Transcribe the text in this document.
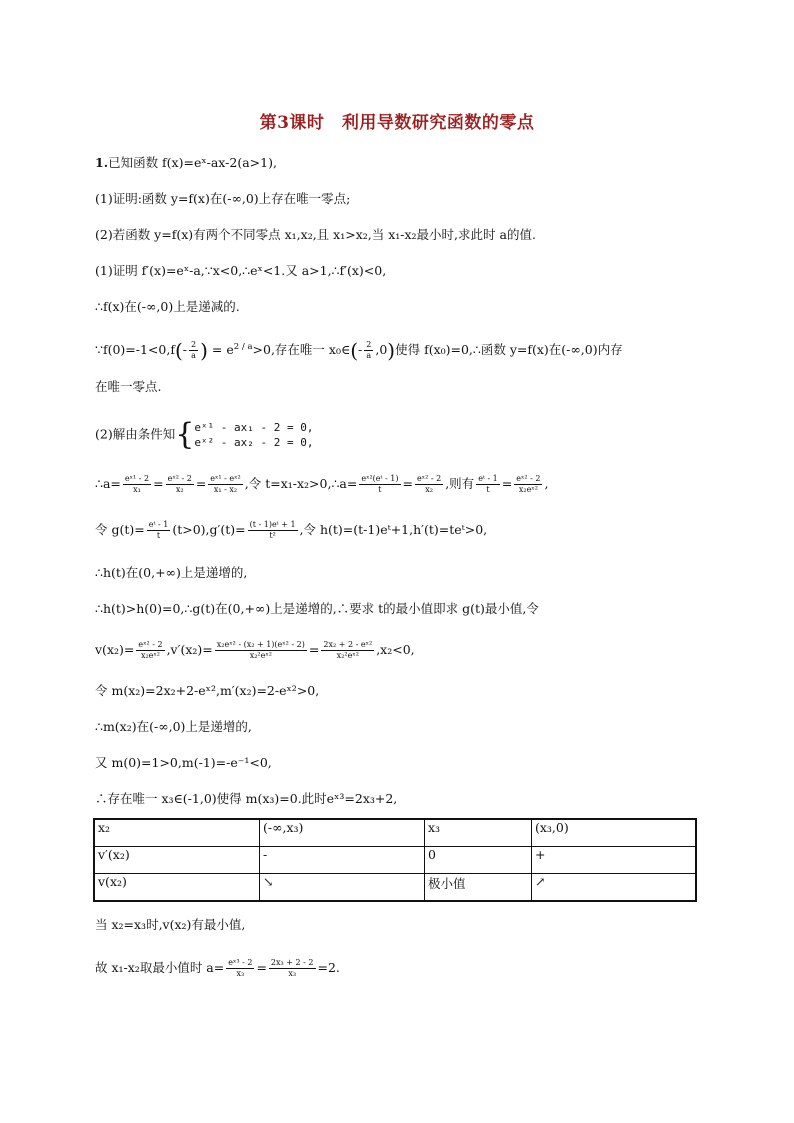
第3课时　利用导数研究函数的零点
1.已知函数 f(x)=eˣ-ax-2(a>1),
(1)证明:函数 y=f(x)在(-∞,0)上存在唯一零点;
(2)若函数 y=f(x)有两个不同零点 x₁,x₂,且 x₁>x₂,当 x₁-x₂最小时,求此时 a的值.
(1)证明 f′(x)=eˣ-a,∵x<0,∴eˣ<1.又 a>1,∴f′(x)<0,
∴f(x)在(-∞,0)上是递减的.
∵f(0)=-1<0,f(- $\frac{2}{a}$ ) = $e^{2 / a}>0$,存在唯一 x₀∈(- $\frac{2}{a} ,0$)使得 f(x₀)=0,∴函数 y=f(x)在(-∞,0)内存
在唯一零点.
(2)解由条件知{ eˣ¹ - ax₁ - 2 = 0,
eˣ² - ax₂ - 2 = 0,
∴a= $\frac{\text{eˣ¹ - 2}}{\text{x₁}} = \frac{\text{eˣ² - 2}}{\text{x₂}} = \frac{\text{eˣ¹ - eˣ²}}{\text{x₁ - x₂}}$ ,令 t=x₁-x₂>0,∴a= $\frac{\text{eˣ²(eᵗ - 1)}}{t} = \frac{\text{eˣ² - 2}}{\text{x₂}}$ ,则有 $\frac{\text{eᵗ - 1}}{t} = \frac{\text{eˣ² - 2}}{\text{x₂eˣ²}}$ ,
令 $g(t)= \frac{\text{eᵗ - 1}}{t} (t>0),g'(t)= \frac{\text{(t - 1)eᵗ + 1}}{\text{t²}}$ ,令 h(t)=(t-1)eᵗ+1,h′(t)=teᵗ>0,
∴h(t)在(0,+∞)上是递增的,
∴h(t)>h(0)=0,∴g(t)在(0,+∞)上是递增的,∴要求 t的最小值即求 g(t)最小值,令
$v(x_2)= \frac{\text{eˣ² - 2}}{\text{x₂eˣ²}} ,v'(x_2)= \frac{\text{x₂eˣ² - (x₂ + 1)(eˣ² - 2)}}{\text{x₂²eˣ²}} = \frac{\text{2x₂ + 2 - eˣ²}}{\text{x₂²eˣ²}} ,x_2<0$,
令 m(x₂)=2x₂+2-eˣ²,m′(x₂)=2-eˣ²>0,
∴m(x₂)在(-∞,0)上是递增的,
又 m(0)=1>0,m(-1)=-e⁻¹<0,
∴存在唯一 x₃∈(-1,0)使得 m(x₃)=0.此时eˣ³=2x₃+2,
x₂	(-∞,x₃)	x₃	(x₃,0)
v′(x₂)	-	0	+
v(x₂)	↘	极小值	↗
当 x₂=x₃时,v(x₂)有最小值,
故 x₁-x₂取最小值时 $a= \frac{\text{eˣ³ - 2}}{\text{x₃}} = \frac{\text{2x₃ + 2 - 2}}{\text{x₃}} =2$.
